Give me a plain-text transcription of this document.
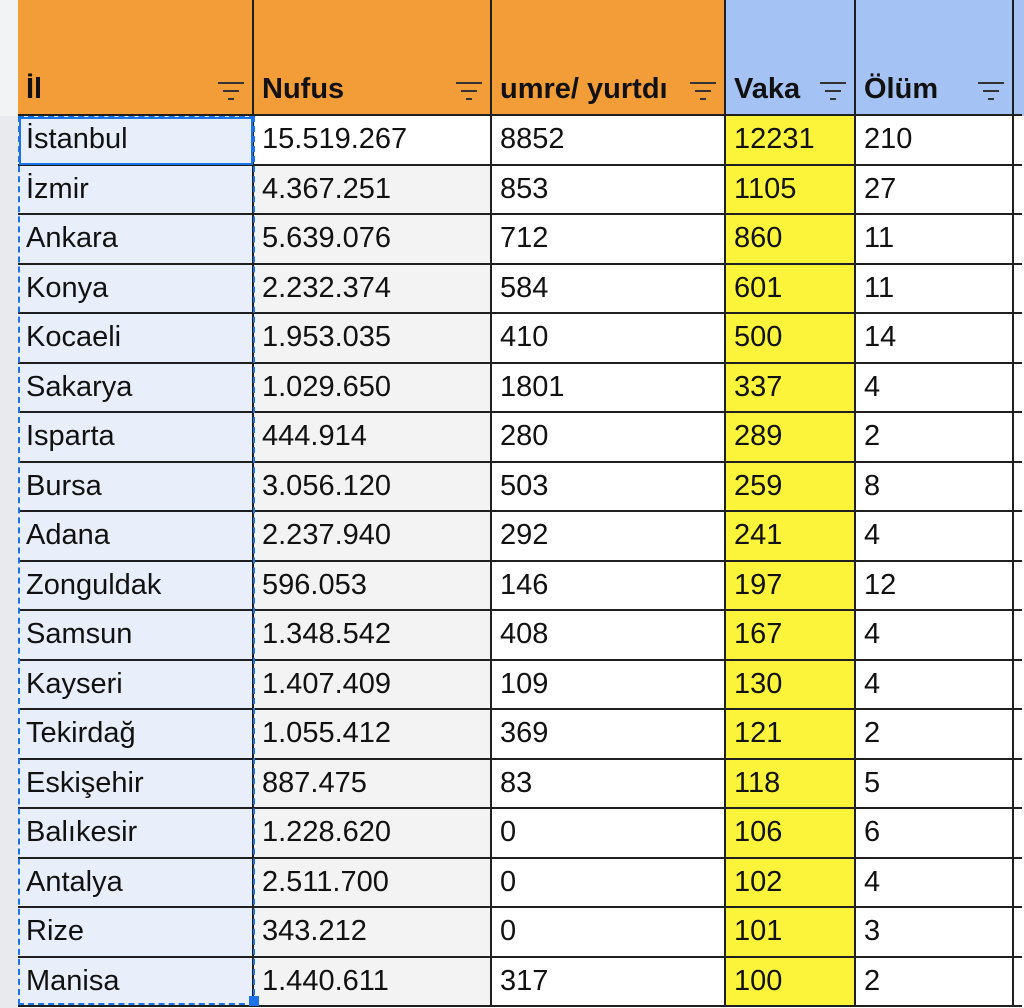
İl	Nufus	umre/ yurtdı	Vaka	Ölüm
İstanbul	15.519.267	8852	12231	210
İzmir	4.367.251	853	1105	27
Ankara	5.639.076	712	860	11
Konya	2.232.374	584	601	11
Kocaeli	1.953.035	410	500	14
Sakarya	1.029.650	1801	337	4
Isparta	444.914	280	289	2
Bursa	3.056.120	503	259	8
Adana	2.237.940	292	241	4
Zonguldak	596.053	146	197	12
Samsun	1.348.542	408	167	4
Kayseri	1.407.409	109	130	4
Tekirdağ	1.055.412	369	121	2
Eskişehir	887.475	83	118	5
Balıkesir	1.228.620	0	106	6
Antalya	2.511.700	0	102	4
Rize	343.212	0	101	3
Manisa	1.440.611	317	100	2
